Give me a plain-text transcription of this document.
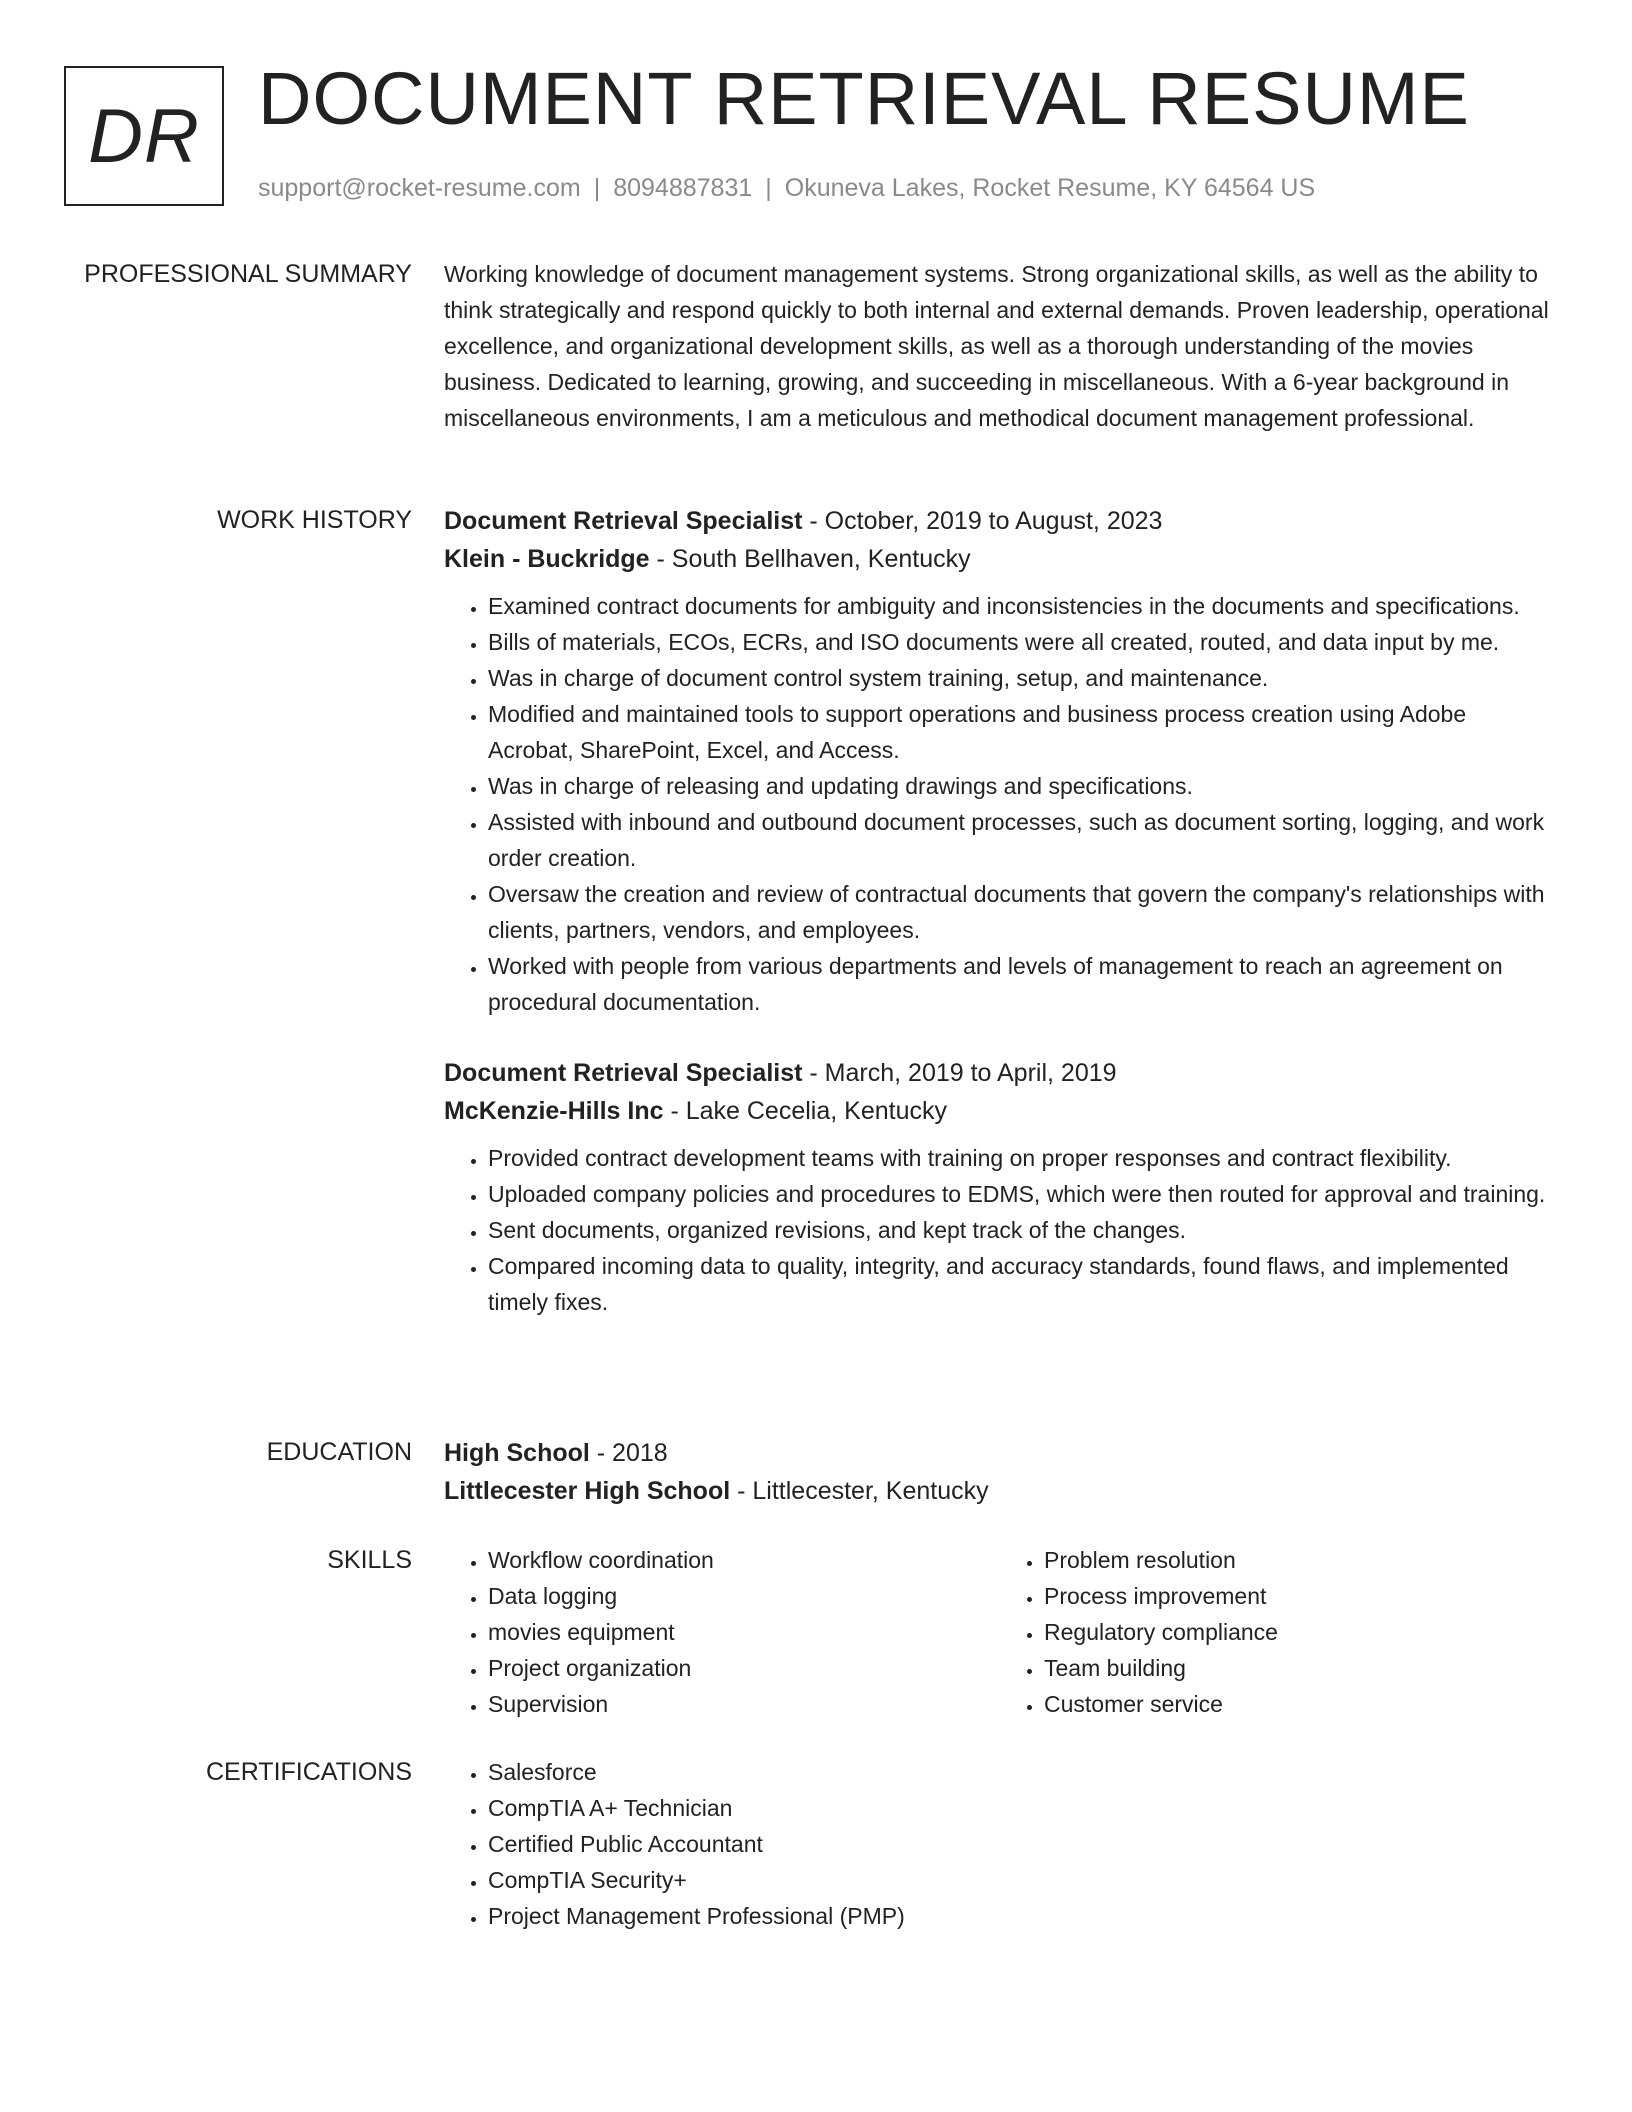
DR DOCUMENT RETRIEVAL RESUME
support@rocket-resume.com | 8094887831 | Okuneva Lakes, Rocket Resume, KY 64564 US
PROFESSIONAL SUMMARY Working knowledge of document management systems. Strong organizational skills, as well as the ability to think strategically and respond quickly to both internal and external demands. Proven leadership, operational excellence, and organizational development skills, as well as a thorough understanding of the movies business. Dedicated to learning, growing, and succeeding in miscellaneous. With a 6-year background in miscellaneous environments, I am a meticulous and methodical document management professional.

WORK HISTORY Document Retrieval Specialist - October, 2019 to August, 2023

Klein - Buckridge - South Bellhaven, Kentucky

• Examined contract documents for ambiguity and inconsistencies in the documents and specifications.
• Bills of materials, ECOs, ECRs, and ISO documents were all created, routed, and data input by me.
• Was in charge of document control system training, setup, and maintenance.
• Modified and maintained tools to support operations and business process creation using Adobe Acrobat, SharePoint, Excel, and Access.
• Was in charge of releasing and updating drawings and specifications.
• Assisted with inbound and outbound document processes, such as document sorting, logging, and work order creation.
• Oversaw the creation and review of contractual documents that govern the company's relationships with clients, partners, vendors, and employees.
• Worked with people from various departments and levels of management to reach an agreement on procedural documentation.

Document Retrieval Specialist - March, 2019 to April, 2019

McKenzie-Hills Inc - Lake Cecelia, Kentucky

• Provided contract development teams with training on proper responses and contract flexibility.
• Uploaded company policies and procedures to EDMS, which were then routed for approval and training.
• Sent documents, organized revisions, and kept track of the changes.
• Compared incoming data to quality, integrity, and accuracy standards, found flaws, and implemented timely fixes.
EDUCATION High School - 2018

Littlecester High School - Littlecester, Kentucky

SKILLS	• Workflow coordination
• Data logging
• movies equipment
• Project organization
• Supervision
• Problem resolution
• Process improvement
• Regulatory compliance
• Team building
• Customer service
CERTIFICATIONS	• Salesforce
• CompTIA A+ Technician
• Certified Public Accountant
• CompTIA Security+
• Project Management Professional (PMP)
